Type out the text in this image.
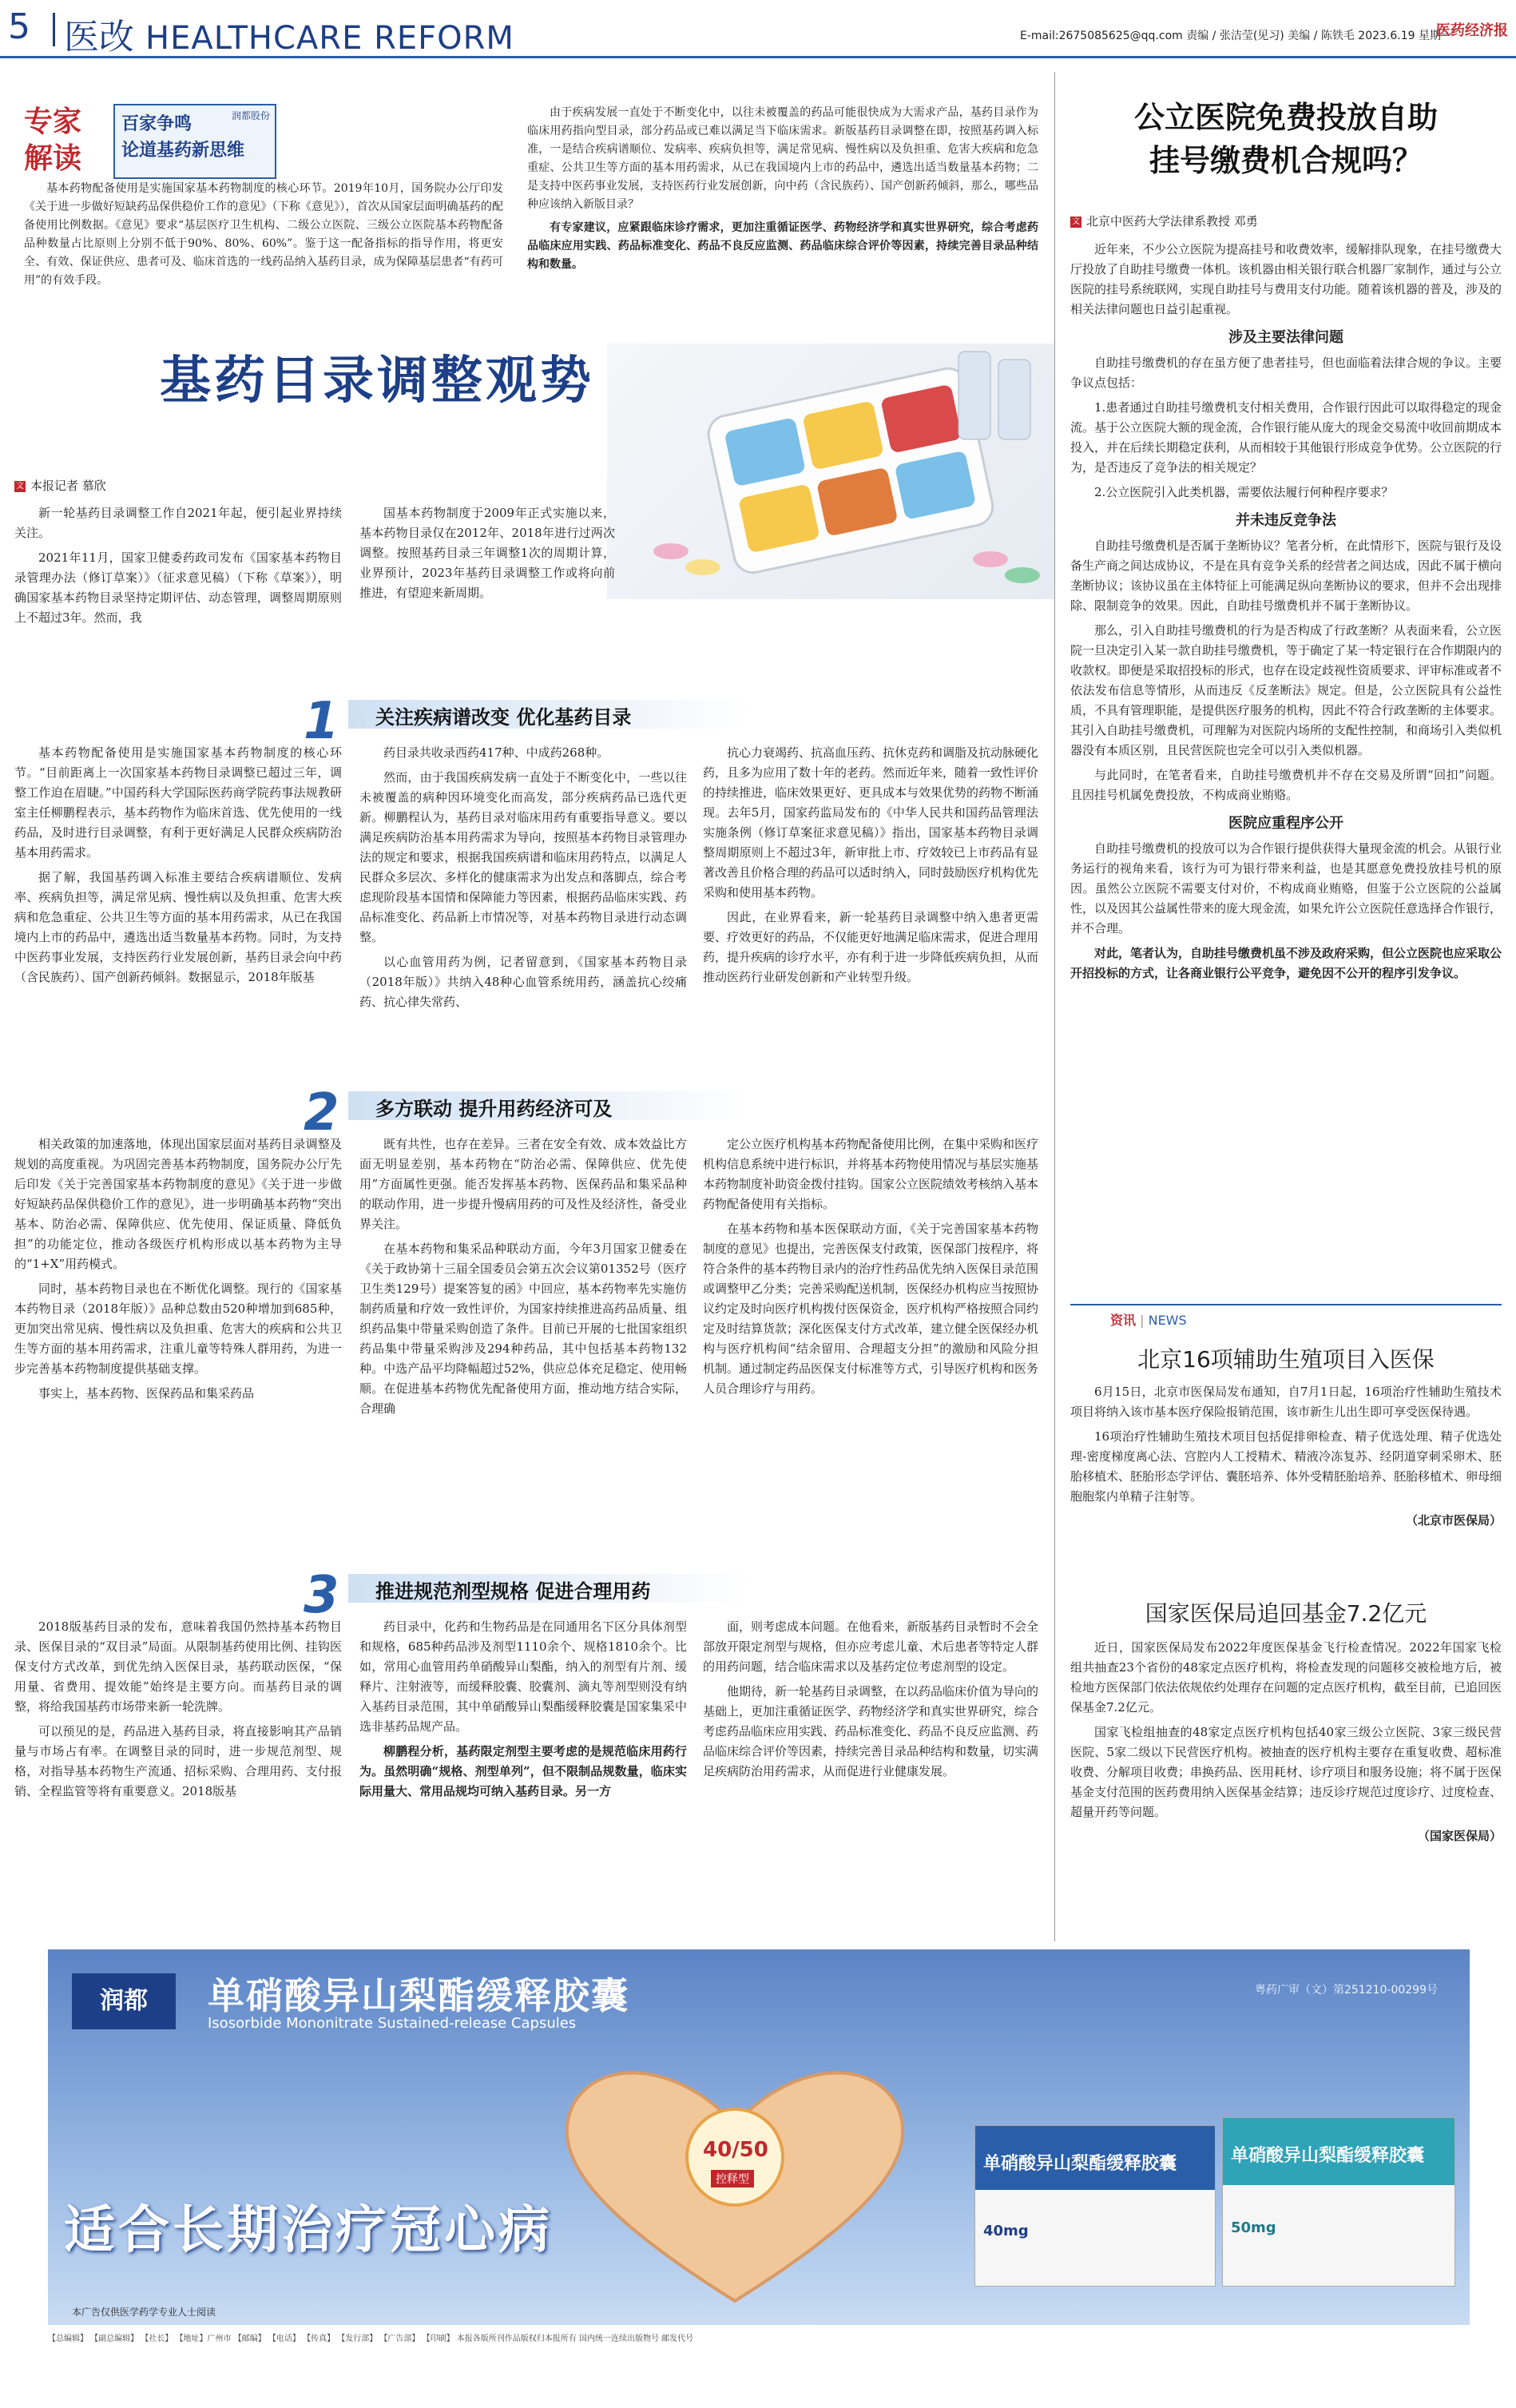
5 医改 HEALTHCARE REFORM	E-mail:2675085625@qq.com 责编 / 张洁莹(见习) 美编 / 陈铁毛 2023.6.19 星期一
医药经济报
专家
解读
百家争鸣
论道基药新思维
润都股份

基本药物配备使用是实施国家基本药物制度的核心环节。2019年10月，国务院办公厅印发《关于进一步做好短缺药品保供稳价工作的意见》（下称《意见》），首次从国家层面明确基药的配备使用比例数据。《意见》要求“基层医疗卫生机构、二级公立医院、三级公立医院基本药物配备品种数量占比原则上分别不低于90%、80%、60%”。鉴于这一配备指标的指导作用，将更安全、有效、保证供应、患者可及、临床首选的一线药品纳入基药目录，成为保障基层患者“有药可用”的有效手段。

由于疾病发展一直处于不断变化中，以往未被覆盖的药品可能很快成为大需求产品，基药目录作为临床用药指向型目录，部分药品或已难以满足当下临床需求。新版基药目录调整在即，按照基药调入标准，一是结合疾病谱顺位、发病率、疾病负担等，满足常见病、慢性病以及负担重、危害大疾病和危急重症、公共卫生等方面的基本用药需求，从已在我国境内上市的药品中，遴选出适当数量基本药物；二是支持中医药事业发展，支持医药行业发展创新，向中药（含民族药）、国产创新药倾斜，那么，哪些品种应该纳入新版目录？

有专家建议，应紧跟临床诊疗需求，更加注重循证医学、药物经济学和真实世界研究，综合考虑药品临床应用实践、药品标准变化、药品不良反应监测、药品临床综合评价等因素，持续完善目录品种结构和数量。

基药目录调整观势
文 本报记者 慕欣

新一轮基药目录调整工作自2021年起，便引起业界持续关注。

2021年11月，国家卫健委药政司发布《国家基本药物目录管理办法（修订草案）》（征求意见稿）（下称《草案》），明确国家基本药物目录坚持定期评估、动态管理，调整周期原则上不超过3年。然而，我

国基本药物制度于2009年正式实施以来，基本药物目录仅在2012年、2018年进行过两次调整。按照基药目录三年调整1次的周期计算，业界预计，2023年基药目录调整工作或将向前推进，有望迎来新周期。

1 关注疾病谱改变 优化基药目录

基本药物配备使用是实施国家基本药物制度的核心环节。“目前距离上一次国家基本药物目录调整已超过三年，调整工作迫在眉睫。”中国药科大学国际医药商学院药事法规教研室主任柳鹏程表示，基本药物作为临床首选、优先使用的一线药品，及时进行目录调整，有利于更好满足人民群众疾病防治基本用药需求。

据了解，我国基药调入标准主要结合疾病谱顺位、发病率、疾病负担等，满足常见病、慢性病以及负担重、危害大疾病和危急重症、公共卫生等方面的基本用药需求，从已在我国境内上市的药品中，遴选出适当数量基本药物。同时，为支持中医药事业发展，支持医药行业发展创新，基药目录会向中药（含民族药）、国产创新药倾斜。数据显示，2018年版基

药目录共收录西药417种、中成药268种。

然而，由于我国疾病发病一直处于不断变化中，一些以往未被覆盖的病种因环境变化而高发，部分疾病药品已选代更新。柳鹏程认为，基药目录对临床用药有重要指导意义。要以满足疾病防治基本用药需求为导向，按照基本药物目录管理办法的规定和要求，根据我国疾病谱和临床用药特点，以满足人民群众多层次、多样化的健康需求为出发点和落脚点，综合考虑现阶段基本国情和保障能力等因素，根据药品临床实践、药品标准变化、药品新上市情况等，对基本药物目录进行动态调整。

以心血管用药为例，记者留意到，《国家基本药物目录（2018年版）》共纳入48种心血管系统用药，涵盖抗心绞痛药、抗心律失常药、

抗心力衰竭药、抗高血压药、抗休克药和调脂及抗动脉硬化药，且多为应用了数十年的老药。然而近年来，随着一致性评价的持续推进，临床效果更好、更具成本与效果优势的药物不断涌现。去年5月，国家药监局发布的《中华人民共和国药品管理法实施条例（修订草案征求意见稿）》指出，国家基本药物目录调整周期原则上不超过3年，新审批上市、疗效较已上市药品有显著改善且价格合理的药品可以适时纳入，同时鼓励医疗机构优先采购和使用基本药物。

因此，在业界看来，新一轮基药目录调整中纳入患者更需要、疗效更好的药品，不仅能更好地满足临床需求，促进合理用药，提升疾病的诊疗水平，亦有利于进一步降低疾病负担，从而推动医药行业研发创新和产业转型升级。

2 多方联动 提升用药经济可及

相关政策的加速落地，体现出国家层面对基药目录调整及规划的高度重视。为巩固完善基本药物制度，国务院办公厅先后印发《关于完善国家基本药物制度的意见》《关于进一步做好短缺药品保供稳价工作的意见》，进一步明确基本药物“突出基本、防治必需、保障供应、优先使用、保证质量、降低负担”的功能定位，推动各级医疗机构形成以基本药物为主导的“1+X”用药模式。

同时，基本药物目录也在不断优化调整。现行的《国家基本药物目录（2018年版）》品种总数由520种增加到685种，更加突出常见病、慢性病以及负担重、危害大的疾病和公共卫生等方面的基本用药需求，注重儿童等特殊人群用药，为进一步完善基本药物制度提供基础支撑。

事实上，基本药物、医保药品和集采药品

既有共性，也存在差异。三者在安全有效、成本效益比方面无明显差别，基本药物在“防治必需、保障供应、优先使用”方面属性更强。能否发挥基本药物、医保药品和集采品种的联动作用，进一步提升慢病用药的可及性及经济性，备受业界关注。

在基本药物和集采品种联动方面，今年3月国家卫健委在《关于政协第十三届全国委员会第五次会议第01352号（医疗卫生类129号）提案答复的函》中回应，基本药物率先实施仿制药质量和疗效一致性评价，为国家持续推进高药品质量、组织药品集中带量采购创造了条件。目前已开展的七批国家组织药品集中带量采购涉及294种药品，其中包括基本药物132种。中选产品平均降幅超过52%，供应总体充足稳定、使用畅顺。在促进基本药物优先配备使用方面，推动地方结合实际，合理确

定公立医疗机构基本药物配备使用比例，在集中采购和医疗机构信息系统中进行标识，并将基本药物使用情况与基层实施基本药物制度补助资金拨付挂钩。国家公立医院绩效考核纳入基本药物配备使用有关指标。

在基本药物和基本医保联动方面，《关于完善国家基本药物制度的意见》也提出，完善医保支付政策，医保部门按程序，将符合条件的基本药物目录内的治疗性药品优先纳入医保目录范围或调整甲乙分类；完善采购配送机制，医保经办机构应当按照协议约定及时向医疗机构拨付医保资金，医疗机构严格按照合同约定及时结算货款；深化医保支付方式改革，建立健全医保经办机构与医疗机构间“结余留用、合理超支分担”的激励和风险分担机制。通过制定药品医保支付标准等方式，引导医疗机构和医务人员合理诊疗与用药。

3 推进规范剂型规格 促进合理用药

2018版基药目录的发布，意味着我国仍然持基本药物目录、医保目录的“双目录”局面。从限制基药使用比例、挂钩医保支付方式改革，到优先纳入医保目录，基药联动医保，“保用量、省费用、提效能”始终是主要方向。而基药目录的调整，将给我国基药市场带来新一轮洗牌。

可以预见的是，药品进入基药目录，将直接影响其产品销量与市场占有率。在调整目录的同时，进一步规范剂型、规格，对指导基本药物生产流通、招标采购、合理用药、支付报销、全程监管等将有重要意义。2018版基

药目录中，化药和生物药品是在同通用名下区分具体剂型和规格，685种药品涉及剂型1110余个、规格1810余个。比如，常用心血管用药单硝酸异山梨酯，纳入的剂型有片剂、缓释片、注射液等，而缓释胶囊、胶囊剂、滴丸等剂型则没有纳入基药目录范围，其中单硝酸异山梨酯缓释胶囊是国家集采中选非基药品规产品。

柳鹏程分析，基药限定剂型主要考虑的是规范临床用药行为。虽然明确“规格、剂型单列”，但不限制品规数量，临床实际用量大、常用品规均可纳入基药目录。另一方

面，则考虑成本问题。在他看来，新版基药目录暂时不会全部放开限定剂型与规格，但亦应考虑儿童、术后患者等特定人群的用药问题，结合临床需求以及基药定位考虑剂型的设定。

他期待，新一轮基药目录调整，在以药品临床价值为导向的基础上，更加注重循证医学、药物经济学和真实世界研究，综合考虑药品临床应用实践、药品标准变化、药品不良反应监测、药品临床综合评价等因素，持续完善目录品种结构和数量，切实满足疾病防治用药需求，从而促进行业健康发展。

公立医院免费投放自助
挂号缴费机合规吗？
文 北京中医药大学法律系教授 邓勇

近年来，不少公立医院为提高挂号和收费效率，缓解排队现象，在挂号缴费大厅投放了自助挂号缴费一体机。该机器由相关银行联合机器厂家制作，通过与公立医院的挂号系统联网，实现自助挂号与费用支付功能。随着该机器的普及，涉及的相关法律问题也日益引起重视。

涉及主要法律问题

自助挂号缴费机的存在虽方便了患者挂号，但也面临着法律合规的争议。主要争议点包括：

1.患者通过自助挂号缴费机支付相关费用，合作银行因此可以取得稳定的现金流。基于公立医院大额的现金流，合作银行能从庞大的现金交易流中收回前期成本投入，并在后续长期稳定获利，从而相较于其他银行形成竞争优势。公立医院的行为，是否违反了竞争法的相关规定？

2.公立医院引入此类机器，需要依法履行何种程序要求？

并未违反竞争法

自助挂号缴费机是否属于垄断协议？笔者分析，在此情形下，医院与银行及设备生产商之间达成协议，不是在具有竞争关系的经营者之间达成，因此不属于横向垄断协议；该协议虽在主体特征上可能满足纵向垄断协议的要求，但并不会出现排除、限制竞争的效果。因此，自助挂号缴费机并不属于垄断协议。

那么，引入自助挂号缴费机的行为是否构成了行政垄断？从表面来看，公立医院一旦决定引入某一款自助挂号缴费机，等于确定了某一特定银行在合作期限内的收款权。即便是采取招投标的形式，也存在设定歧视性资质要求、评审标准或者不依法发布信息等情形，从而违反《反垄断法》规定。但是，公立医院具有公益性质，不具有管理职能，是提供医疗服务的机构，因此不符合行政垄断的主体要求。其引入自助挂号缴费机，可理解为对医院内场所的支配性控制，和商场引入类似机器没有本质区别，且民营医院也完全可以引入类似机器。

与此同时，在笔者看来，自助挂号缴费机并不存在交易及所谓“回扣”问题。且因挂号机属免费投放，不构成商业贿赂。

医院应重程序公开

自助挂号缴费机的投放可以为合作银行提供获得大量现金流的机会。从银行业务运行的视角来看，该行为可为银行带来利益，也是其愿意免费投放挂号机的原因。虽然公立医院不需要支付对价，不构成商业贿赂，但鉴于公立医院的公益属性，以及因其公益属性带来的庞大现金流，如果允许公立医院任意选择合作银行，并不合理。

对此，笔者认为，自助挂号缴费机虽不涉及政府采购，但公立医院也应采取公开招投标的方式，让各商业银行公平竞争，避免因不公开的程序引发争议。

资讯 | NEWS
北京16项辅助生殖项目入医保

6月15日，北京市医保局发布通知，自7月1日起，16项治疗性辅助生殖技术项目将纳入该市基本医疗保险报销范围，该市新生儿出生即可享受医保待遇。

16项治疗性辅助生殖技术项目包括促排卵检查、精子优选处理、精子优选处理-密度梯度离心法、宫腔内人工授精术、精液冷冻复苏、经阴道穿刺采卵术、胚胎移植术、胚胎形态学评估、囊胚培养、体外受精胚胎培养、胚胎移植术、卵母细胞胞浆内单精子注射等。

（北京市医保局）
国家医保局追回基金7.2亿元

近日，国家医保局发布2022年度医保基金飞行检查情况。2022年国家飞检组共抽查23个省份的48家定点医疗机构，将检查发现的问题移交被检地方后，被检地方医保部门依法依规依约处理存在问题的定点医疗机构，截至目前，已追回医保基金7.2亿元。

国家飞检组抽查的48家定点医疗机构包括40家三级公立医院、3家三级民营医院、5家二级以下民营医疗机构。被抽查的医疗机构主要存在重复收费、超标准收费、分解项目收费；串换药品、医用耗材、诊疗项目和服务设施；将不属于医保基金支付范围的医药费用纳入医保基金结算；违反诊疗规范过度诊疗、过度检查、超量开药等问题。

（国家医保局）
润都	单硝酸异山梨酯缓释胶囊
Isosorbide Mononitrate Sustained-release Capsules
粤药广审（文）第251210-00299号
40/50
控释型
适合长期治疗冠心病
单硝酸异山梨酯缓释胶囊
40mg
单硝酸异山梨酯缓释胶囊
50mg
本广告仅供医学药学专业人士阅读
【总编辑】 【副总编辑】 【社长】 【地址】广州市 【邮编】 【电话】 【传真】 【发行部】 【广告部】 【印刷】 本报各版所刊作品版权归本报所有 国内统一连续出版物号 邮发代号
